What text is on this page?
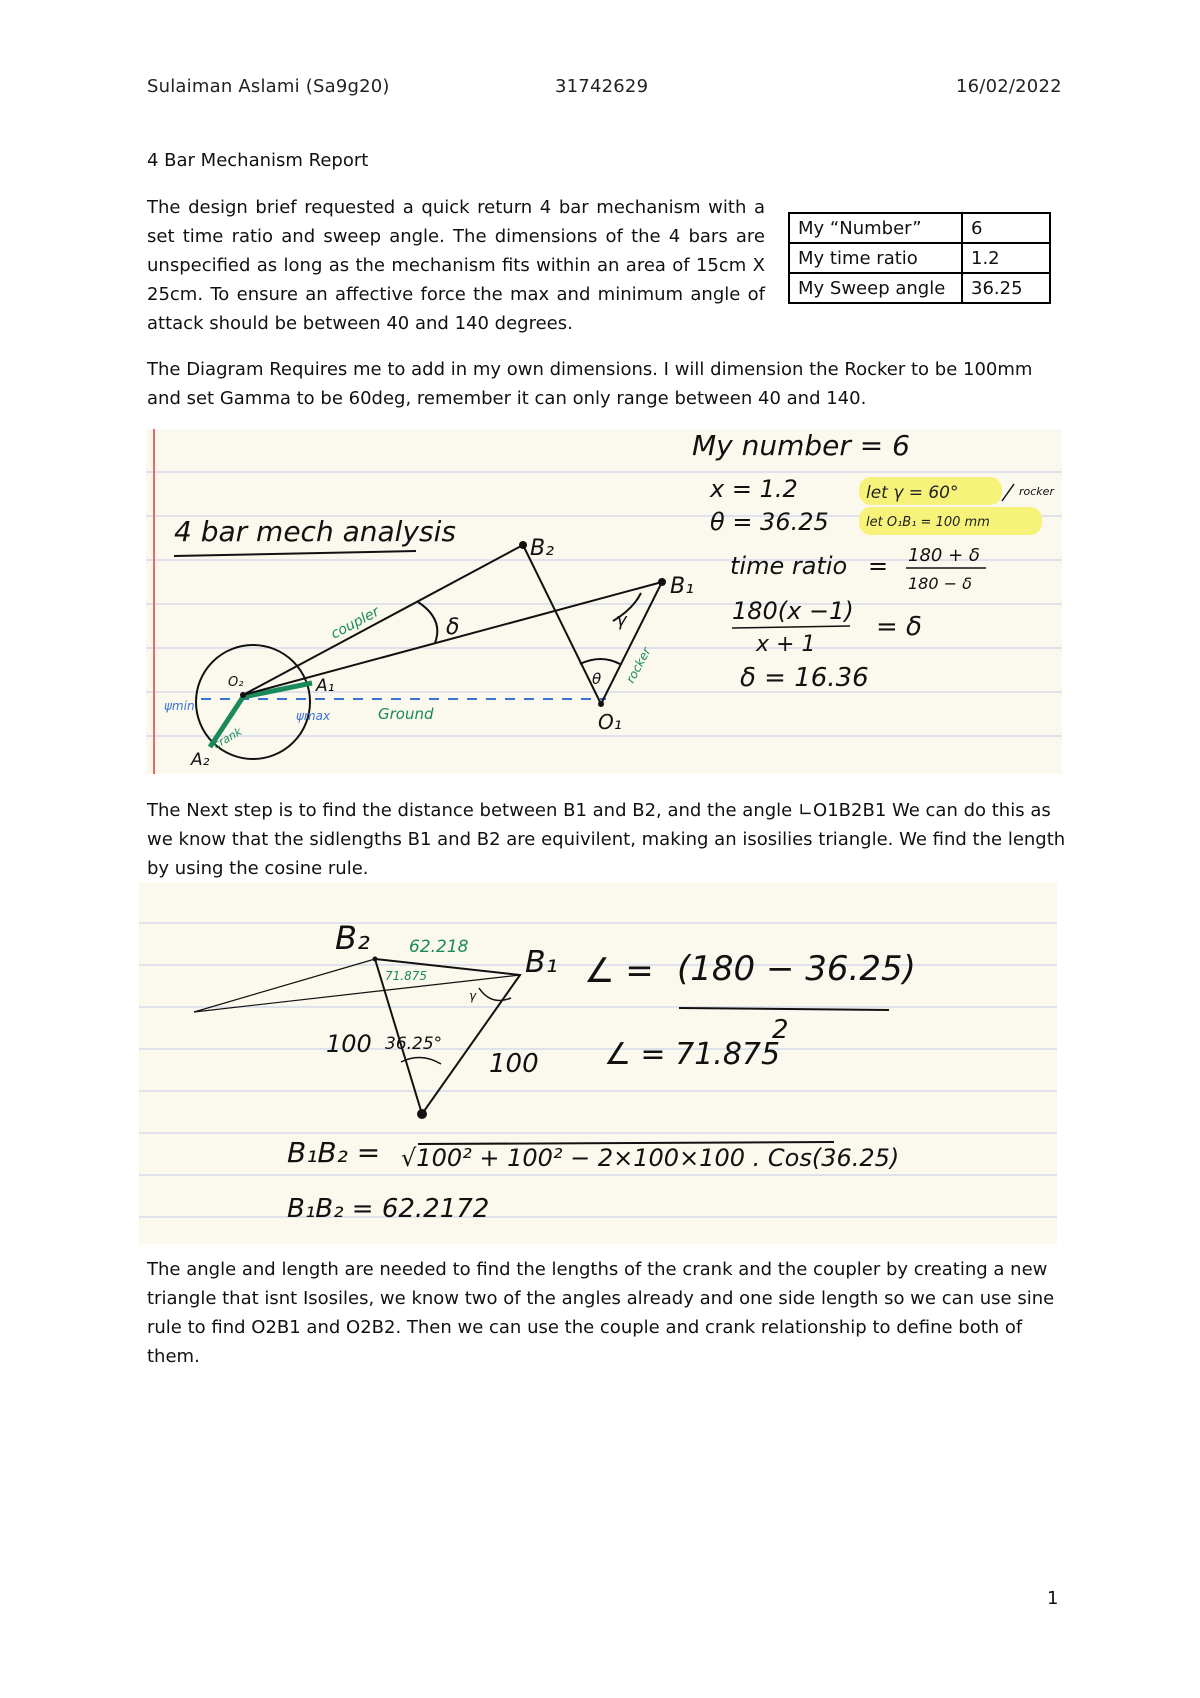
Sulaiman Aslami (Sa9g20)	31742629	16/02/2022
4 Bar Mechanism Report
The design brief requested a quick return 4 bar mechanism with a set time ratio and sweep angle. The dimensions of the 4 bars are unspecified as long as the mechanism fits within an area of 15cm X 25cm. To ensure an affective force the max and minimum angle of attack should be between 40 and 140 degrees.
My “Number”	6
My time ratio	1.2
My Sweep angle	36.25
The Diagram Requires me to add in my own dimensions. I will dimension the Rocker to be 100mm and set Gamma to be 60deg, remember it can only range between 40 and 140.
4 bar mech analysis
B₂
B₁
O₁
O₂	A₁
A₂
δ	γ
θ
coupler
rocker
Ground
crank
ψmin
ψmax
My number = 6
x = 1.2
θ = 36.25
let γ = 60°
let O₁B₁ = 100 mm
rocker
time ratio = 180 + δ
180 − δ
180(x −1)
x + 1
= δ
δ = 16.36
The Next step is to find the distance between B1 and B2, and the angle ∟O1B2B1 We can do this as we know that the sidlengths B1 and B2 are equivilent, making an isosilies triangle. We find the length by using the cosine rule.
B₂
B₁
62.218
71.875
γ
36.25°
100
100
∠ = (180 − 36.25)
2
∠ = 71.875
B₁B₂ = √100² + 100² − 2×100×100 . Cos(36.25)
B₁B₂ = 62.2172
The angle and length are needed to find the lengths of the crank and the coupler by creating a new triangle that isnt Isosiles, we know two of the angles already and one side length so we can use sine rule to find O2B1 and O2B2. Then we can use the couple and crank relationship to define both of them.
1
